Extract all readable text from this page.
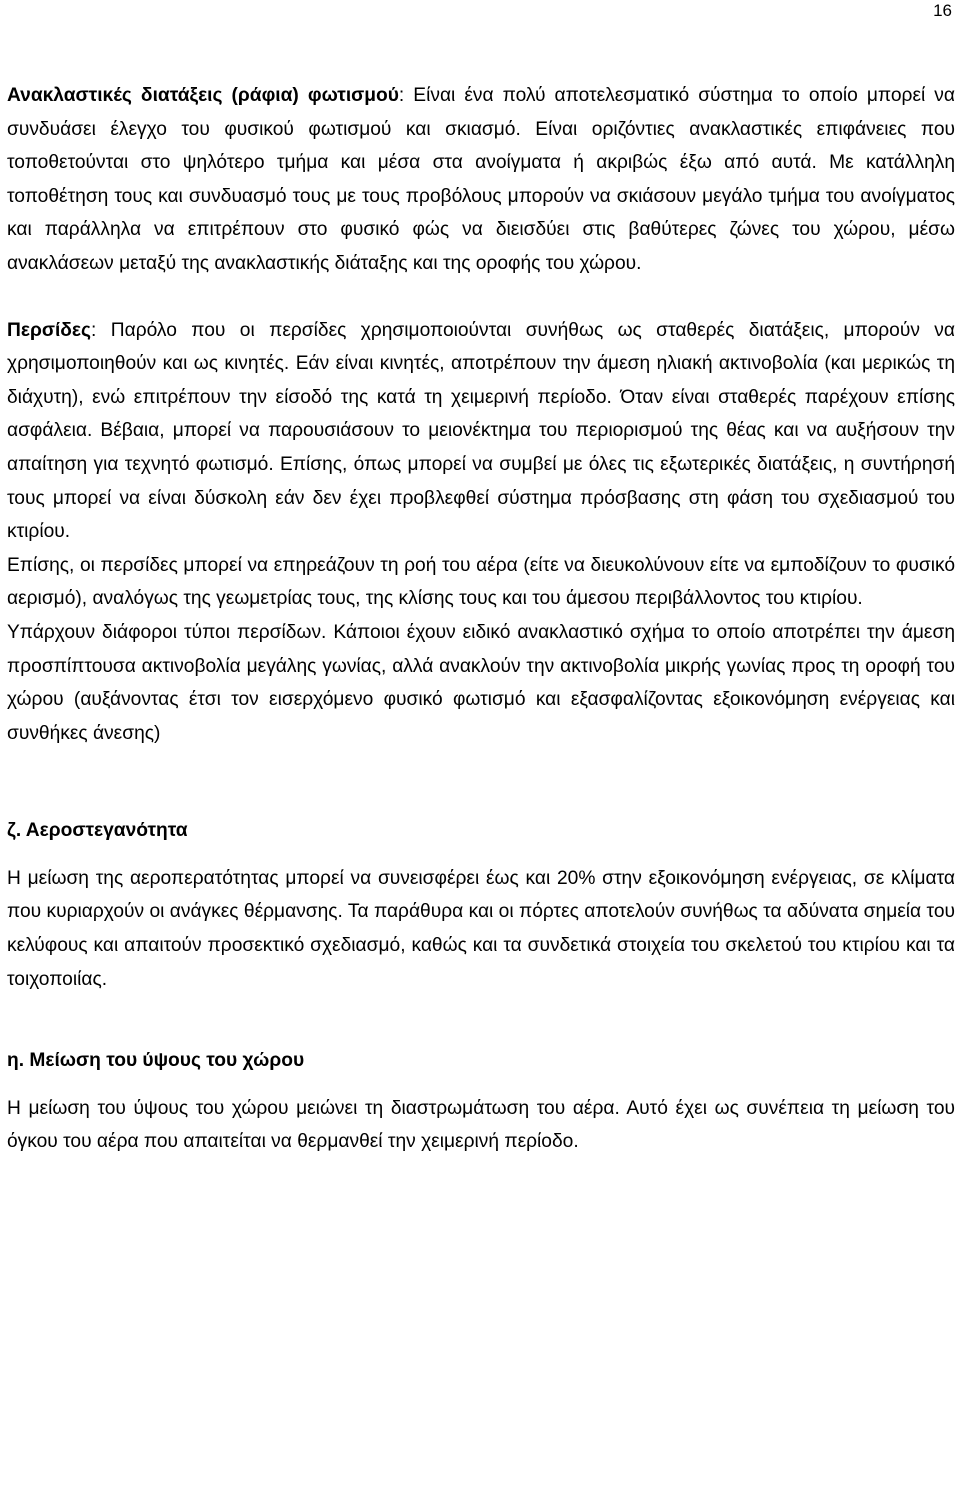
16

Ανακλαστικές διατάξεις (ράφια) φωτισμού: Είναι ένα πολύ αποτελεσματικό σύστημα το οποίο μπορεί να συνδυάσει έλεγχο του φυσικού φωτισμού και σκιασμό. Είναι οριζόντιες ανακλαστικές επιφάνειες που τοποθετούνται στο ψηλότερο τμήμα και μέσα στα ανοίγματα ή ακριβώς έξω από αυτά. Με κατάλληλη τοποθέτηση τους και συνδυασμό τους με τους προβόλους μπορούν να σκιάσουν μεγάλο τμήμα του ανοίγματος και παράλληλα να επιτρέπουν στο φυσικό φώς να διεισδύει στις βαθύτερες ζώνες του χώρου, μέσω ανακλάσεων μεταξύ της ανακλαστικής διάταξης και της οροφής του χώρου.

Περσίδες: Παρόλο που οι περσίδες χρησιμοποιούνται συνήθως ως σταθερές διατάξεις, μπορούν να χρησιμοποιηθούν και ως κινητές. Εάν είναι κινητές, αποτρέπουν την άμεση ηλιακή ακτινοβολία (και μερικώς τη διάχυτη), ενώ επιτρέπουν την είσοδό της κατά τη χειμερινή περίοδο. Όταν είναι σταθερές παρέχουν επίσης ασφάλεια. Βέβαια, μπορεί να παρουσιάσουν το μειονέκτημα του περιορισμού της θέας και να αυξήσουν την απαίτηση για τεχνητό φωτισμό. Επίσης, όπως μπορεί να συμβεί με όλες τις εξωτερικές διατάξεις, η συντήρησή τους μπορεί να είναι δύσκολη εάν δεν έχει προβλεφθεί σύστημα πρόσβασης στη φάση του σχεδιασμού του κτιρίου.

Επίσης, οι περσίδες μπορεί να επηρεάζουν τη ροή του αέρα (είτε να διευκολύνουν είτε να εμποδίζουν το φυσικό αερισμό), αναλόγως της γεωμετρίας τους, της κλίσης τους και του άμεσου περιβάλλοντος του κτιρίου.

Υπάρχουν διάφοροι τύποι περσίδων. Κάποιοι έχουν ειδικό ανακλαστικό σχήμα το οποίο αποτρέπει την άμεση προσπίπτουσα ακτινοβολία μεγάλης γωνίας, αλλά ανακλούν την ακτινοβολία μικρής γωνίας προς τη οροφή του χώρου (αυξάνοντας έτσι τον εισερχόμενο φυσικό φωτισμό και εξασφαλίζοντας εξοικονόμηση ενέργειας και συνθήκες άνεσης)

ζ. Αεροστεγανότητα

Η μείωση της αεροπερατότητας μπορεί να συνεισφέρει έως και 20% στην εξοικονόμηση ενέργειας, σε κλίματα που κυριαρχούν οι ανάγκες θέρμανσης. Τα παράθυρα και οι πόρτες αποτελούν συνήθως τα αδύνατα σημεία του κελύφους και απαιτούν προσεκτικό σχεδιασμό, καθώς και τα συνδετικά στοιχεία του σκελετού του κτιρίου και τα τοιχοποιίας.

η. Μείωση του ύψους του χώρου

Η μείωση του ύψους του χώρου μειώνει τη διαστρωμάτωση του αέρα. Αυτό έχει ως συνέπεια τη μείωση του όγκου του αέρα που απαιτείται να θερμανθεί την χειμερινή περίοδο.
